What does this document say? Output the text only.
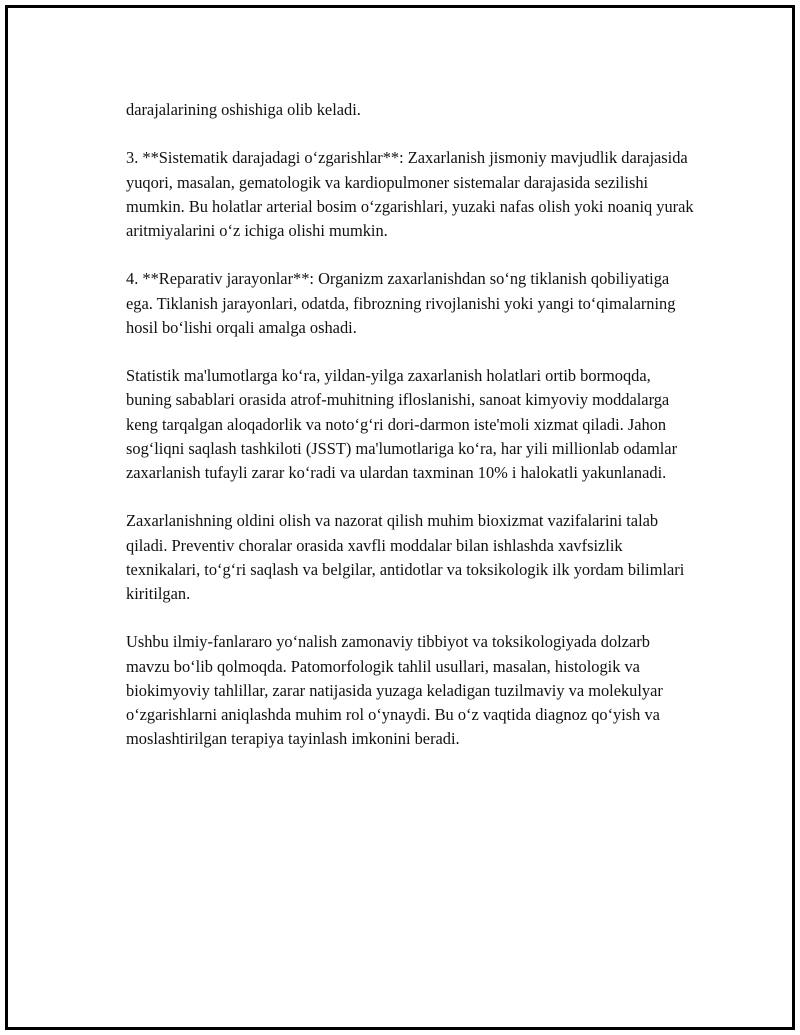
darajalarining oshishiga olib keladi.

3. **Sistematik darajadagi o‘zgarishlar**: Zaxarlanish jismoniy mavjudlik darajasida yuqori, masalan, gematologik va kardiopulmoner sistemalar darajasida sezilishi mumkin. Bu holatlar arterial bosim o‘zgarishlari, yuzaki nafas olish yoki noaniq yurak aritmiyalarini o‘z ichiga olishi mumkin.

4. **Reparativ jarayonlar**: Organizm zaxarlanishdan so‘ng tiklanish qobiliyatiga ega. Tiklanish jarayonlari, odatda, fibrozning rivojlanishi yoki yangi to‘qimalarning hosil bo‘lishi orqali amalga oshadi.

Statistik ma'lumotlarga ko‘ra, yildan-yilga zaxarlanish holatlari ortib bormoqda, buning sabablari orasida atrof-muhitning ifloslanishi, sanoat kimyoviy moddalarga keng tarqalgan aloqadorlik va noto‘g‘ri dori-darmon iste'moli xizmat qiladi. Jahon sog‘liqni saqlash tashkiloti (JSST) ma'lumotlariga ko‘ra, har yili millionlab odamlar zaxarlanish tufayli zarar ko‘radi va ulardan taxminan 10% i halokatli yakunlanadi.

Zaxarlanishning oldini olish va nazorat qilish muhim bioxizmat vazifalarini talab qiladi. Preventiv choralar orasida xavfli moddalar bilan ishlashda xavfsizlik texnikalari, to‘g‘ri saqlash va belgilar, antidotlar va toksikologik ilk yordam bilimlari kiritilgan.

Ushbu ilmiy-fanlararo yo‘nalish zamonaviy tibbiyot va toksikologiyada dolzarb mavzu bo‘lib qolmoqda. Patomorfologik tahlil usullari, masalan, histologik va biokimyoviy tahlillar, zarar natijasida yuzaga keladigan tuzilmaviy va molekulyar o‘zgarishlarni aniqlashda muhim rol o‘ynaydi. Bu o‘z vaqtida diagnoz qo‘yish va moslashtirilgan terapiya tayinlash imkonini beradi.
